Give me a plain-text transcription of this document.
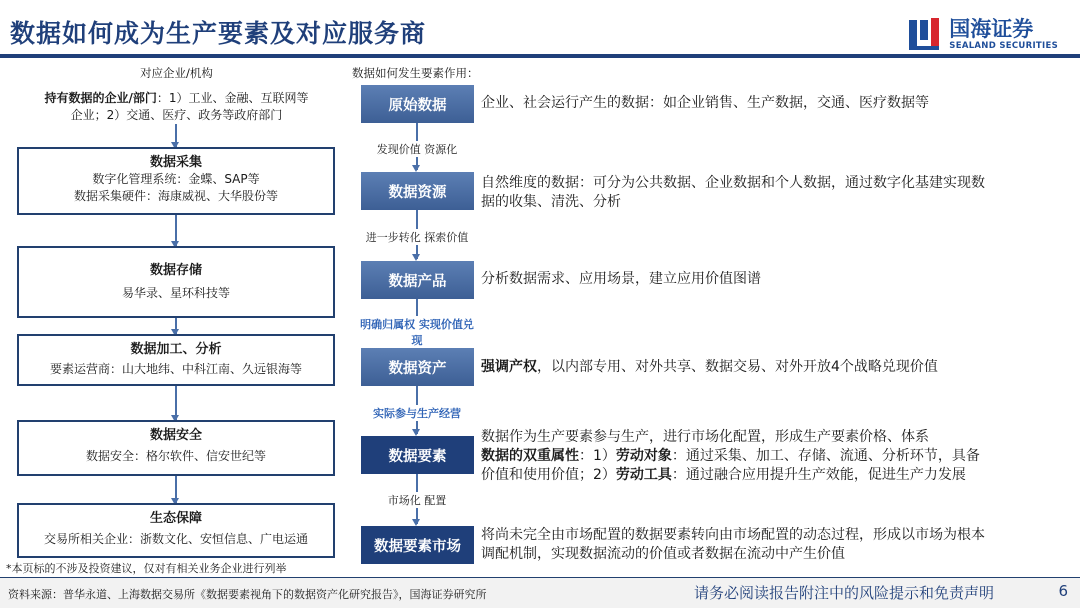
数据如何成为生产要素及对应服务商	国海证券
SEALAND SECURITIES
对应企业/机构
持有数据的企业/部门：1）工业、金融、互联网等
企业；2）交通、医疗、政务等政府部门
数据采集
数字化管理系统：金蝶、SAP等
数据采集硬件：海康威视、大华股份等
数据存储
易华录、星环科技等
数据加工、分析
要素运营商：山大地纬、中科江南、久远银海等
数据安全
数据安全：格尔软件、信安世纪等
生态保障
交易所相关企业：浙数文化、安恒信息、广电运通
*本页标的不涉及投资建议，仅对有相关业务企业进行列举
数据如何发生要素作用：
原始数据
发现价值 资源化
数据资源
进一步转化 探索价值
数据产品
明确归属权 实现价值兑现
数据资产
实际参与生产经营
数据要素
市场化 配置
数据要素市场
企业、社会运行产生的数据：如企业销售、生产数据，交通、医疗数据等
自然维度的数据：可分为公共数据、企业数据和个人数据，通过数字化基建实现数
据的收集、清洗、分析
分析数据需求、应用场景，建立应用价值图谱
强调产权，以内部专用、对外共享、数据交易、对外开放4个战略兑现价值
数据作为生产要素参与生产，进行市场化配置，形成生产要素价格、体系
数据的双重属性：1）劳动对象：通过采集、加工、存储、流通、分析环节，具备
价值和使用价值；2）劳动工具：通过融合应用提升生产效能，促进生产力发展
将尚未完全由市场配置的数据要素转向由市场配置的动态过程，形成以市场为根本
调配机制，实现数据流动的价值或者数据在流动中产生价值
资料来源：普华永道、上海数据交易所《数据要素视角下的数据资产化研究报告》，国海证券研究所	请务必阅读报告附注中的风险提示和免责声明	6
